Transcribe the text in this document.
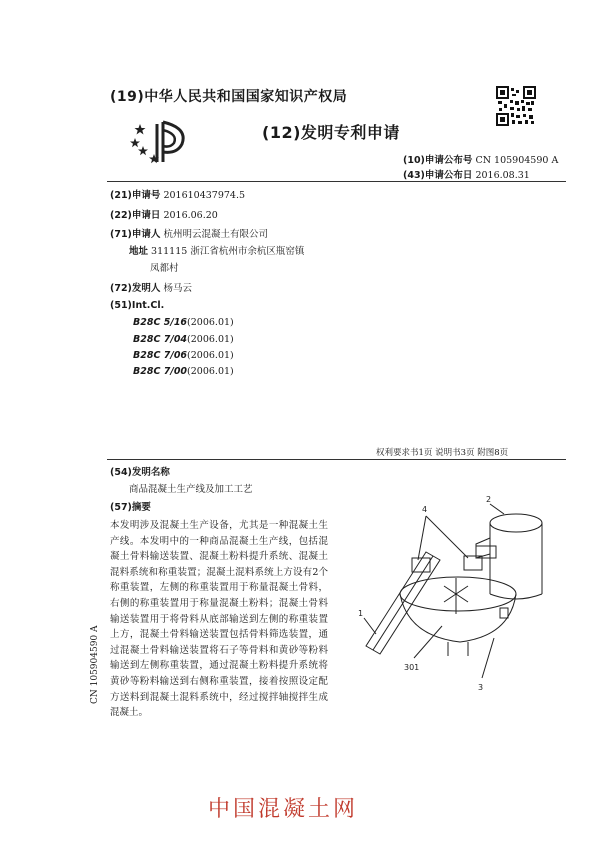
(19)中华人民共和国国家知识产权局
(12)发明专利申请
(10)申请公布号 CN 105904590 A
(43)申请公布日 2016.08.31
(21)申请号 201610437974.5
(22)申请日 2016.06.20
(71)申请人 杭州明云混凝土有限公司
地址 311115 浙江省杭州市余杭区瓶窑镇
凤都村
(72)发明人 杨马云
(51)Int.Cl.
B28C 5/16(2006.01)
B28C 7/04(2006.01)
B28C 7/06(2006.01)
B28C 7/00(2006.01)
权利要求书1页 说明书3页 附图8页
(54)发明名称
商品混凝土生产线及加工工艺
(57)摘要
本发明涉及混凝土生产设备，尤其是一种混凝土生产线。本发明中的一种商品混凝土生产线，包括混凝土骨料输送装置、混凝土粉料提升系统、混凝土混料系统和称重装置；混凝土混料系统上方设有2个称重装置，左侧的称重装置用于称量混凝土骨料，右侧的称重装置用于称量混凝土粉料；混凝土骨料输送装置用于将骨料从底部输送到左侧的称重装置上方，混凝土骨料输送装置包括骨料筛选装置，通过混凝土骨料输送装置将石子等骨料和黄砂等粉料输送到左侧称重装置，通过混凝土粉料提升系统将黄砂等粉料输送到右侧称重装置，接着按照设定配方送料到混凝土混料系统中，经过搅拌轴搅拌生成混凝土。
4
2
1
301
3
CN 105904590 A
中国混凝土网
